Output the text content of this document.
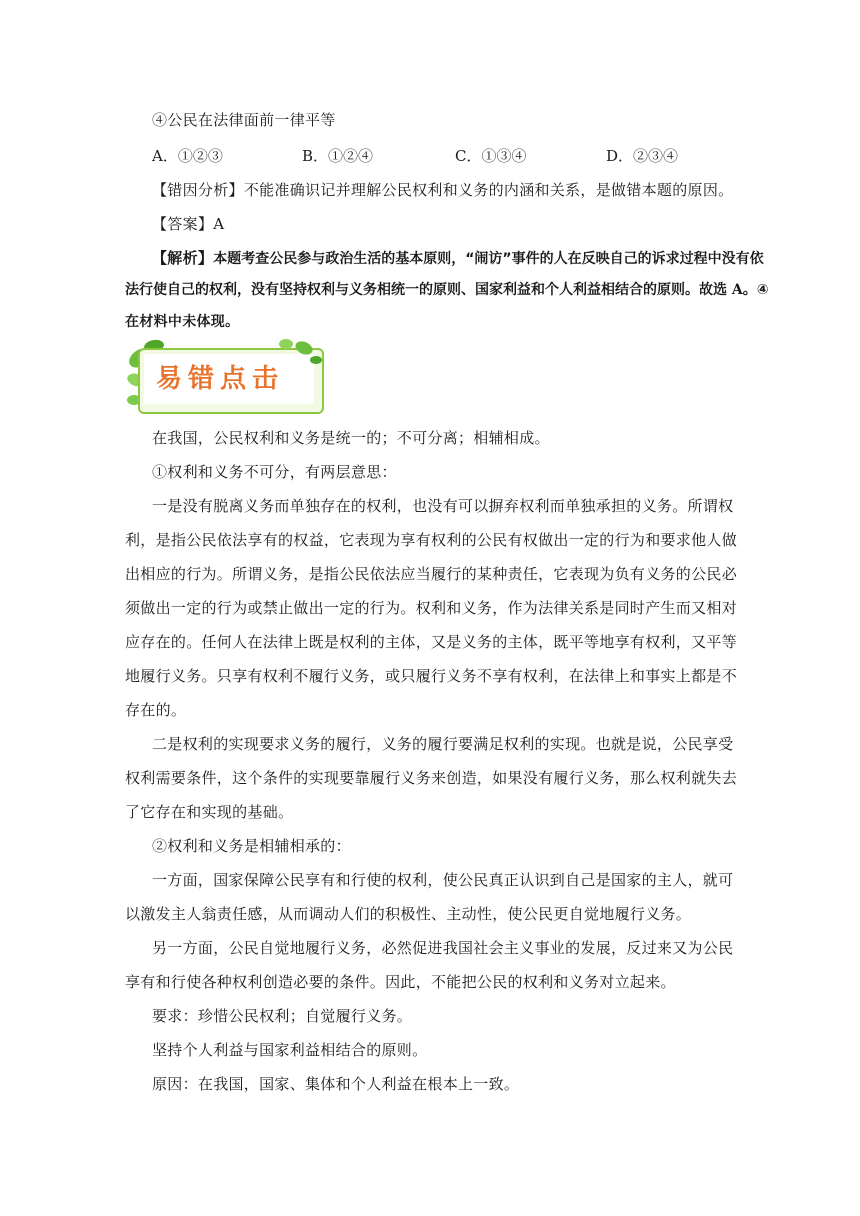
④公民在法律面前一律平等
A．①②③	B．①②④	C．①③④	D．②③④
【错因分析】不能准确识记并理解公民权利和义务的内涵和关系，是做错本题的原因。
【答案】A
【解析】本题考查公民参与政治生活的基本原则，“闹访”事件的人在反映自己的诉求过程中没有依
法行使自己的权利，没有坚持权利与义务相统一的原则、国家利益和个人利益相结合的原则。故选 A。④
在材料中未体现。
易错点击
在我国，公民权利和义务是统一的；不可分离；相辅相成。
①权利和义务不可分，有两层意思：
一是没有脱离义务而单独存在的权利，也没有可以摒弃权利而单独承担的义务。所谓权
利，是指公民依法享有的权益，它表现为享有权利的公民有权做出一定的行为和要求他人做
出相应的行为。所谓义务，是指公民依法应当履行的某种责任，它表现为负有义务的公民必
须做出一定的行为或禁止做出一定的行为。权利和义务，作为法律关系是同时产生而又相对
应存在的。任何人在法律上既是权利的主体，又是义务的主体，既平等地享有权利，又平等
地履行义务。只享有权利不履行义务，或只履行义务不享有权利，在法律上和事实上都是不
存在的。
二是权利的实现要求义务的履行，义务的履行要满足权利的实现。也就是说，公民享受
权利需要条件，这个条件的实现要靠履行义务来创造，如果没有履行义务，那么权利就失去
了它存在和实现的基础。
②权利和义务是相辅相承的：
一方面，国家保障公民享有和行使的权利，使公民真正认识到自己是国家的主人，就可
以激发主人翁责任感，从而调动人们的积极性、主动性，使公民更自觉地履行义务。
另一方面，公民自觉地履行义务，必然促进我国社会主义事业的发展，反过来又为公民
享有和行使各种权利创造必要的条件。因此，不能把公民的权利和义务对立起来。
要求：珍惜公民权利；自觉履行义务。
坚持个人利益与国家利益相结合的原则。
原因：在我国，国家、集体和个人利益在根本上一致。
